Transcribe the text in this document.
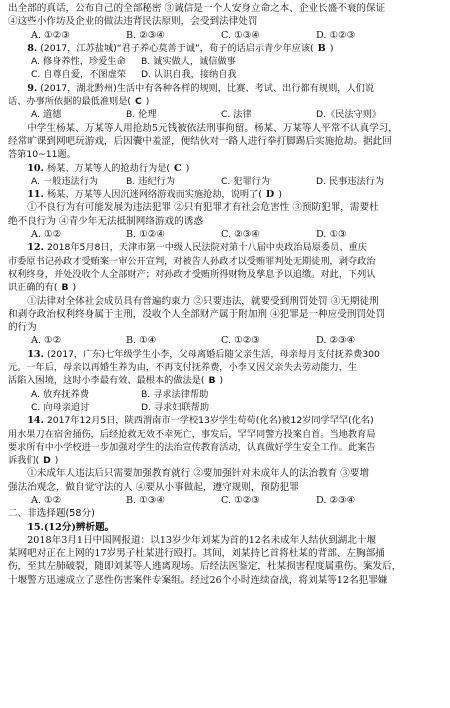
出全部的真话，公布自己的全部秘密 ③诚信是一个人安身立命之本、企业长盛不衰的保证
④这些小作坊及企业的做法违背民法原则，会受到法律处罚
A. ①②③	B. ②③④	C. ①③④	D. ①②③
8. (2017，江苏盐城)“君子养心莫善于诚”，荀子的话启示青少年应该( B )
A. 修身养性，珍爱生命 B. 诚实做人，诚信做事
C. 自尊自爱，不图虚荣 D. 认识自我，接纳自我
9. (2017，湖北黔州)生活中有各种各样的规则，比赛、考试、出行都有规则，人们说
话、办事所依据的最低准则是( C )
A. 道德	B. 伦理	C. 法律	D.《民法守则》
中学生杨某、万某等人用抢劫5元钱被依法刑事拘留。杨某、万某等人平常不认真学习，
经常旷课到网吧玩游戏，后因囊中羞涩，便结伙对一路人进行拳打脚踢后实施抢劫。据此回
答第10~11题。
10. 杨某、万某等人的抢劫行为是( C )
A. 一般违法行为	B. 违纪行为	C. 犯罪行为	D. 民事违法行为
11. 杨某、万某等人因沉迷网络游戏而实施抢劫，说明了( D )
①不良行为有可能发展为违法犯罪 ②只有犯罪才有社会危害性 ③预防犯罪，需要杜
绝不良行为 ④青少年无法抵制网络游戏的诱惑
A. ①②	B. ①②④	C. ②③④	D. ①③
12. 2018年5月8日，天津市第一中级人民法院对第十八届中央政治局原委员、重庆
市委原书记孙政才受贿案一审公开宣判，对被告人孙政才以受贿罪判处无期徒刑，剥夺政治
权利终身，并处没收个人全部财产；对孙政才受贿所得财物及孳息予以追缴。对此，下列认
识正确的有( B )
①法律对全体社会成员具有普遍约束力 ②只要违法，就要受到刑罚处罚 ③无期徒刑
和剥夺政治权利终身属于主刑，没收个人全部财产属于附加刑 ④犯罪是一种应受刑罚处罚
的行为
A. ①②	B. ①④	C. ①②③	D. ②③④
13. (2017，广东)七年级学生小李，父母离婚后随父亲生活，母亲每月支付抚养费300
元。一年后，母亲以再婚生养为由，不再支付抚养费，小李又因父亲失去劳动能力，生
活陷入困境，这时小李最有效、最根本的做法是( B )
A. 放弃抚养费	B. 寻求法律帮助
C. 向母亲追讨	D. 寻求妇联帮助
14. 2017年12月5日，陕西渭南市一学校13岁学生苟苟(化名)被12岁同学罕罕(化名)
用水果刀在宿舍捅伤，后经抢救无效不幸死亡，事发后，罕罕同警方投案自首。当地教育局
要求所有中小学校进一步加强对学生的法治宣传教育活动，认真做好学生安全工作。此案告
诉我们( D )
①未成年人违法后只需要加强教育就行 ②要加强针对未成年人的法治教育 ③要增
强法治观念，做自觉守法的人 ④要从小事做起，遵守规则，预防犯罪
A. ①②	B. ①③④	C. ①②③	D. ②③④
二、非选择题(58分)
15.(12分)辨析题。
2018年3月1日中国网报道：以13岁少年刘某为首的12名未成年人结伙到湖北十堰
某网吧对正在上网的17岁男子杜某进行殴打。其间，刘某持匕首将杜某的背部、左胸部捅
伤，至其左肺破裂，随即刘某等人逃离现场。后经法医鉴定，杜某损害程度属重伤。案发后，
十堰警方迅速成立了恶性伤害案件专案组。经过26个小时连续奋战，将刘某等12名犯罪嫌
